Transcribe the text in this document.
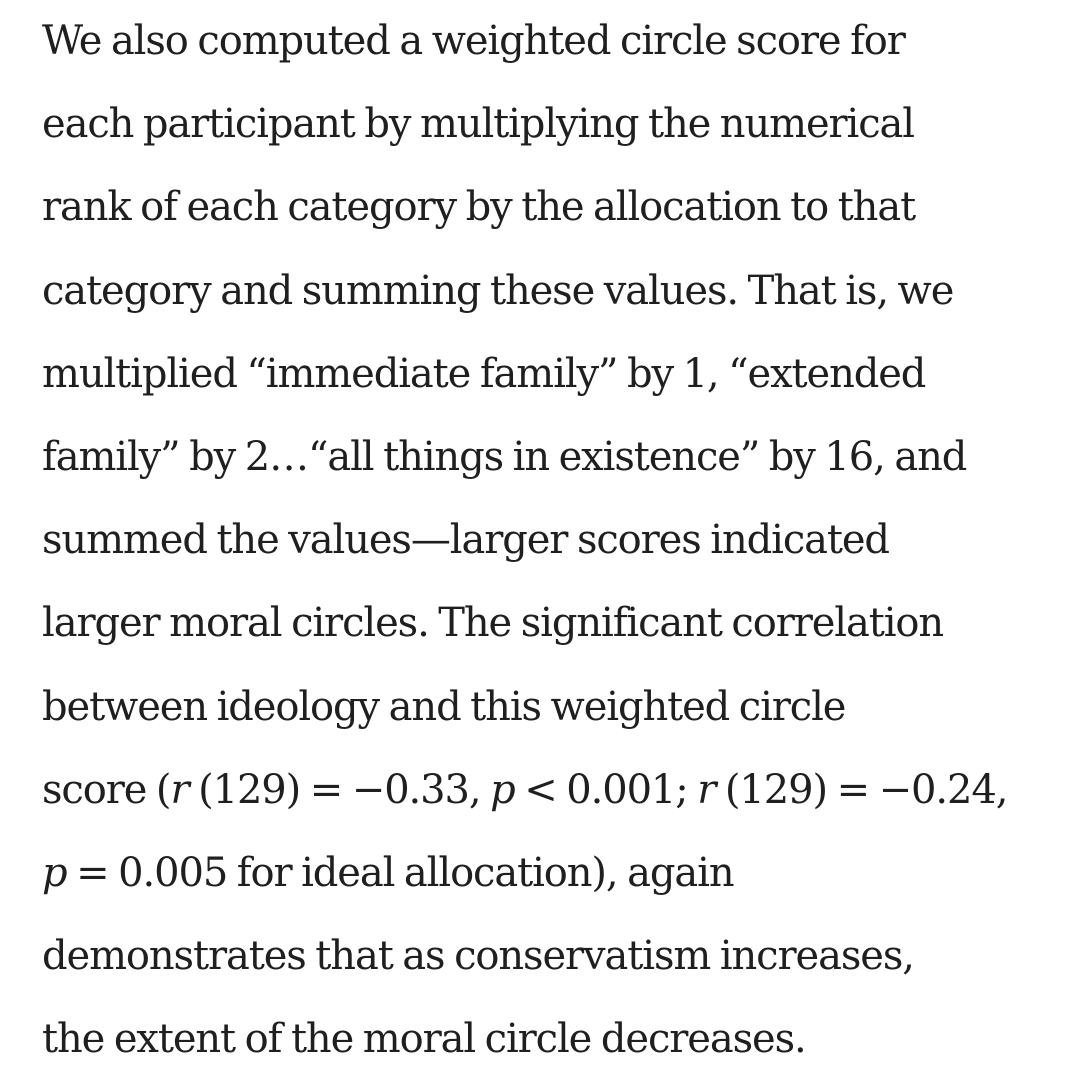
We also computed a weighted circle score for
each participant by multiplying the numerical
rank of each category by the allocation to that
category and summing these values. That is, we
multiplied “immediate family” by 1, “extended
family” by 2…“all things in existence” by 16, and
summed the values—larger scores indicated
larger moral circles. The significant correlation
between ideology and this weighted circle
score (r (129) = −0.33, p < 0.001; r (129) = −0.24,
p = 0.005 for ideal allocation), again
demonstrates that as conservatism increases,
the extent of the moral circle decreases.
